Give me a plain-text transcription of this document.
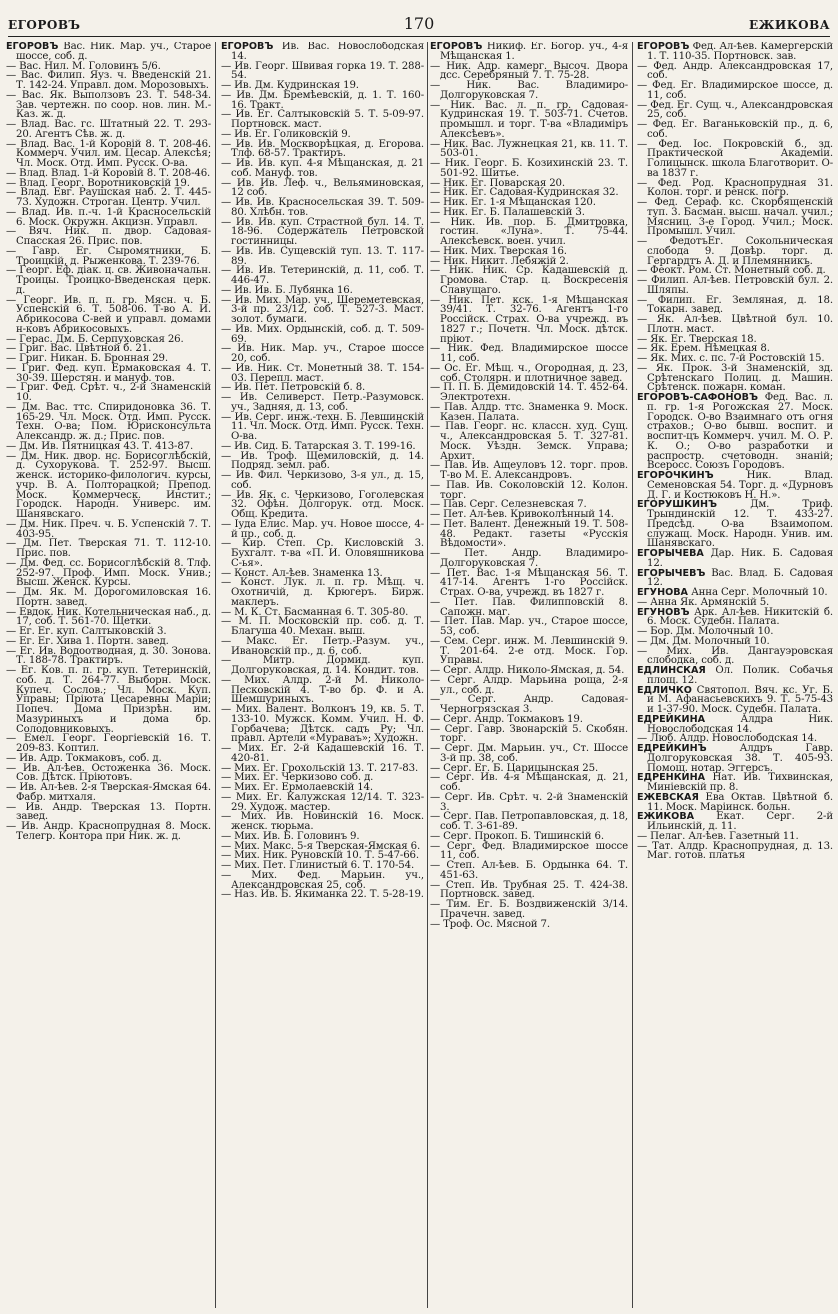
ЕГОРОВЪ	170	ЕЖИКОВА

ЕГОРОВЪ Вас. Ник. Мар. уч., Старое шоссе, соб. д.

— Вас. Нил. М. Головинъ 5/6.

— Вас. Филип. Яуз. ч. Введенскій 21. Т. 142-24. Управл. дом. Морозовыхъ.

— Вас. Як. Выползовъ 23. Т. 548-34. Зав. чертежн. по соор. нов. лин. М.-Каз. ж. д.

— Влад. Вас. гс. Штатный 22. Т. 293-20. Агентъ Сѣв. ж. д.

— Влад. Вас. 1-й Коровій 8. Т. 208-46. Коммерч. Учил. им. Цесар. Алексѣя; Чл. Моск. Отд. Имп. Русск. О-ва.

— Влад. Влад. 1-й Коровій 8. Т. 208-46.

— Влад. Георг. Воротниковскій 19.

— Влад. Евг. Раушская наб. 2. Т. 445-73. Художн. Строган. Центр. Учил.

— Влад. Ив. п.-ч. 1-й Красносельскій 6. Моск. Окружн. Акцизн. Управл.

— Вяч. Ник. п. двор. Садовая-Спасская 26. Прис. пов.

— Гавр. Ег. Сыромятники, Б. Троицкій, д. Рыженкова. Т. 239-76.

— Георг. Еф. діак. ц. св. Живоначальн. Троицы. Троицко-Введенская церк. д.

— Георг. Ив. п. п. гр. Мясн. ч. Б. Успенскій 6. Т. 508-06. Т-во А. И. Абрикосова С-вей и управл. домами н-ковъ Абрикосовыхъ.

— Герас. Дм. Б. Серпуховская 26.

— Григ. Вас. Цвѣтной б. 21.

— Григ. Никан. Б. Бронная 29.

— Григ. Фед. куп. Ермаковская 4. Т. 30-39. Шерстян. и мануф. тов.

— Григ. Фед. Срѣт. ч., 2-й Знаменскій 10.

— Дм. Вас. ттс. Спиридоновка 36. Т. 165-29. Чл. Моск. Отд. Имп. Русск. Техн. О-ва; Пом. Юрисконсульта Александр. ж. д.; Прис. пов.

— Дм. Ив. Пятницкая 43. Т. 413-87.

— Дм. Ник. двор. нс. Борисоглѣбскій, д. Сухорукова. Т. 252-97. Высш. женск. историко-филологич. курсы, учр. В. А. Полторацкой; Препод. Моск. Коммерческ. Инстит.; Городск. Народн. Универс. им. Шанявскаго.

— Дм. Ник. Преч. ч. Б. Успенскій 7. Т. 403-95.

— Дм. Пет. Тверская 71. Т. 112-10. Прис. пов.

— Дм. Фед. сс. Борисоглѣбскій 8. Тлф. 252-97. Проф. Имп. Моск. Унив.; Высш. Женск. Курсы.

— Дм. Як. М. Дорогомиловская 16. Портн. завед.

— Евдок. Ник. Котельническая наб., д. 17, соб. Т. 561-70. Щетки.

— Ег. Ег. куп. Салтыковскій 3.

— Ег. Ег. Хива 1. Портн. завед.

— Ег. Ив. Водоотводная, д. 30. Зонова. Т. 188-78. Трактиръ.

— Ег. Ков. п. п. гр. куп. Тетеринскій, соб. д. Т. 264-77. Выборн. Моск. Купеч. Сослов.; Чл. Моск. Куп. Управы; Пріюта Цесаревны Маріи; Попеч. Дома Призрѣн. им. Мазуриныхъ и дома бр. Солодовниковыхъ.

— Емел. Георг. Георгіевскій 16. Т. 209-83. Коптил.

— Ив. Адр. Токмаковъ, соб. д.

— Ив. Ал-ѣев. Остоженка 36. Моск. Сов. Дѣтск. Пріютовъ.

— Ив. Ал-ѣев. 2-я Тверская-Ямская 64. Фабр. митхаля.

— Ив. Андр. Тверская 13. Портн. завед.

— Ив. Андр. Краснопрудная 8. Моск. Телегр. Контора при Ник. ж. д.

ЕГОРОВЪ Ив. Вас. Новослободская 14.

— Ив. Георг. Швивая горка 19. Т. 288-54.

— Ив. Дм. Кудринская 19.

— Ив. Дм. Бремѣевскій, д. 1. Т. 160-16. Тракт.

— Ив. Ег. Салтыковскій 5. Т. 5-09-97. Портновск. маст.

— Ив. Ег. Голиковскій 9.

— Ив. Ив. Москворѣцкая, д. Егорова. Тлф. 68-57. Трактиръ.

— Ив. Ив. куп. 4-я Мѣщанская, д. 21 соб. Мануф. тов.

— Ив. Ив. Леф. ч., Вельяминовская, 12 соб.

— Ив. Ив. Красносельская 39. Т. 509-80. Хлѣбн. тов.

— Ив. Ив. куп. Страстной бул. 14. Т. 18-96. Содержатель Петровской гостинницы.

— Ив. Ив. Сущевскій туп. 13. Т. 117-89.

— Ив. Ив. Тетеринскій, д. 11, соб. Т. 446-47.

— Ив. Ив. Б. Лубянка 16.

— Ив. Мих. Мар. уч., Шереметевская, 3-й пр. 23/12, соб. Т. 527-3. Маст. золот. бумаги.

— Ив. Мих. Ордынскій, соб. д. Т. 509-69.

— Ив. Ник. Мар. уч., Старое шоссе 20, соб.

— Ив. Ник. Ст. Монетный 38. Т. 154-03. Перепл. маст.

— Ив. Пет. Петровскій б. 8.

— Ив. Селиверст. Петр.-Разумовск. уч., Задняя, д. 13, соб.

— Ив. Серг. инж.-техн. Б. Левшинскій 11. Чл. Моск. Отд. Имп. Русск. Техн. О-ва.

— Ив. Сид. Б. Татарская 3. Т. 199-16.

— Ив. Троф. Щемиловскій, д. 14. Подряд. земл. раб.

— Ив. Фил. Черкизово, 3-я ул., д. 15, соб.

— Ив. Як. с. Черкизово, Гоголевская 32. Офѣн. Долгорук. отд. Моск. Общ. Кредита.

— Іуда Елис. Мар. уч. Новое шоссе, 4-й пр., соб. д.

— Кир. Степ. Ср. Кисловскій 3. Бухгалт. т-ва «П. И. Оловяшникова С-ья».

— Конст. Ал-ѣев. Знаменка 13.

— Конст. Лук. л. п. гр. Мѣщ. ч. Охотничій, д. Крюгеръ. Бирж. маклеръ.

— М. К. Ст. Басманная 6. Т. 305-80.

— М. П. Московскій пр. соб. д. Т. Благуша 40. Механ. выш.

— Макс. Ег. Петр.-Разум. уч., Ивановскій пр., д. 6, соб.

— Митр. Дормид. куп. Долгоруковская, д. 14. Кондит. тов.

— Мих. Алдр. 2-й М. Николо-Песковскій 4. Т-во бр. Ф. и А. Шемшуриныхъ.

— Мих. Валент. Волконъ 19, кв. 5. Т. 133-10. Мужск. Комм. Учил. Н. Ф. Горбачева; Дѣтск. садъ Ру; Чл. правл. Артели «Мураваъ»; Художн.

— Мих. Ег. 2-й Кадашевскій 16. Т. 420-81.

— Мих. Ег. Грохольскій 13. Т. 217-83.

— Мих. Ег. Черкизово соб. д.

— Мих. Ег. Ермолаевскій 14.

— Мих. Ег. Калужская 12/14. Т. 323-29. Худож. мастер.

— Мих. Ив. Новинскій 16. Моск. женск. тюрьма.

— Мих. Ив. Б. Головинъ 9.

— Мих. Макс. 5-я Тверская-Ямская 6.

— Мих. Ник. Руновскій 10. Т. 5-47-66.

— Мих. Пет. Глинистый 6. Т. 170-54.

— Мих. Фед. Марьин. уч., Александровская 25, соб.

— Наз. Ив. Б. Якиманка 22. Т. 5-28-19.

ЕГОРОВЪ Никиф. Ег. Богор. уч., 4-я Мѣщанская 1.

— Ник. Адр. камерг. Высоч. Двора дсс. Серебряный 7. Т. 75-28.

— Ник. Вас. Владимиро-Долгоруковская 7.

— Ник. Вас. л. п. гр. Садовая-Кудринская 19. Т. 503-71. Счетов. промышл. и торг. Т-ва «Владиміръ Алексѣевъ».

— Ник. Вас. Лужнецкая 21, кв. 11. Т. 503-01.

— Ник. Георг. Б. Козихинскій 23. Т. 501-92. Шитье.

— Ник. Ег. Поварская 20.

— Ник. Ег. Садовая-Кудринская 32.

— Ник. Ег. 1-я Мѣщанская 120.

— Ник. Ег. Б. Палашевскій 3.

— Ник. Ив. пор. Б. Дмитровка, гостин. «Луна». Т. 75-44. Алексѣевск. воен. учил.

— Ник. Мих. Тверская 16.

— Ник. Никит. Лебяжій 2.

— Ник. Ник. Ср. Кадашевскій д. Громова. Стар. ц. Воскресенія Славущаго.

— Ник. Пет. кск. 1-я Мѣщанская 39/41. Т. 32-76. Агентъ 1-го Россійск. Страх. О-ва учрежд. въ 1827 г.; Почетн. Чл. Моск. дѣтск. пріют.

— Ник. Фед. Владимирское шоссе 11, соб.

— Ос. Ег. Мѣщ. ч., Огородная, д. 23, соб. Столярн. и плотничное завед.

— П. П. Б. Демидовскій 14. Т. 452-64. Электротехн.

— Пав. Алдр. ттс. Знаменка 9. Моск. Казен. Палата.

— Пав. Георг. нс. классн. худ. Сущ. ч., Александровская 5. Т. 327-81. Моск. Уѣздн. Земск. Управа; Архит.

— Пав. Ив. Ащеуловъ 12. торг. пров. Т-во М. Е. Александровъ.

— Пав. Ив. Соколовскій 12. Колон. торг.

— Пав. Серг. Селезневская 7.

— Пет. Ал-ѣев. Кривоколѣнный 14.

— Пет. Валент. Денежный 19. Т. 508-48. Редакт. газеты «Русскія Вѣдомости».

— Пет. Андр. Владимиро-Долгоруковская 7.

— Пет. Вас. 1-я Мѣщанская 56. Т. 417-14. Агентъ 1-го Россійск. Страх. О-ва, учрежд. въ 1827 г.

— Пет. Пав. Филипповскій 8. Сапожн. маг.

— Пет. Пав. Мар. уч., Старое шоссе, 53, соб.

— Сем. Серг. инж. М. Левшинскій 9. Т. 201-64. 2-е отд. Моск. Гор. Управы.

— Серг. Алдр. Николо-Ямская, д. 54.

— Серг. Алдр. Марьина роща, 2-я ул., соб. д.

— Серг. Андр. Садовая-Черногрязская 3.

— Серг. Андр. Токмаковъ 19.

— Серг. Гавр. Звонарскій 5. Скобян. торг.

— Серг. Дм. Марьин. уч., Ст. Шоссе 3-й пр. 38, соб.

— Серг. Ег. Б. Царицынская 25.

— Серг. Ив. 4-я Мѣщанская, д. 21, соб.

— Серг. Ив. Срѣт. ч. 2-й Знаменскій 3.

— Серг. Пав. Петропавловская, д. 18, соб. Т. 3-61-89.

— Серг. Прокоп. Б. Тишинскій 6.

— Серг. Фед. Владимирское шоссе 11, соб.

— Степ. Ал-ѣев. Б. Ордынка 64. Т. 451-63.

— Степ. Ив. Трубная 25. Т. 424-38. Портновск. завед.

— Тим. Ег. Б. Воздвиженскій 3/14. Прачечн. завед.

— Троф. Ос. Мясной 7.

ЕГОРОВЪ Фед. Ал-ѣев. Камергерскій 1. Т. 110-35. Портновск. зав.

— Фед. Андр. Александровская 17, соб.

— Фед. Ег. Владимирское шоссе, д. 11, соб.

— Фед. Ег. Сущ. ч., Александровская 25, соб.

— Фед. Ег. Ваганьковскій пр., д. 6, соб.

— Фед. Іос. Покровскій б., зд. Практической Академіи. Голицынск. школа Благотворит. О-ва 1837 г.

— Фед. Род. Краснопрудная 31. Колон. торг. и ренск. погр.

— Фед. Сераф. кс. Скорбященскій туп. 3. Басман. высш. начал. учил.; Мясниц. 3-е Город. Учил.; Моск. Промышл. Учил.

— ФедотъЕг. Сокольническая слобода 9. Довѣр. торг. д. Гергардтъ А. Д. и Племянникъ.

— Феокт. Ром. Ст. Монетный соб. д.

— Филип. Ал-ѣев. Петровскій бул. 2. Шляпы.

— Филип. Ег. Земляная, д. 18. Токарн. завед.

— Як. Ал-ѣев. Цвѣтной бул. 10. Плотн. маст.

— Як. Ег. Тверская 18.

— Як. Ерем. Нѣмецкая 8.

— Як. Мих. с. пс. 7-й Ростовскій 15.

— Як. Прок. 3-й Знаменскій, зд. Срѣтенскаго Полиц. д. Машин. Срѣтенск. пожарн. коман.

ЕГОРОВЪ-САФОНОВЪ Фед. Вас. л. п. гр. 1-я Рогожская 27. Моск. Городск. О-во Взаимнаго отъ огня страхов.; О-во бывш. воспит. и воспит-цъ Коммерч. учил. М. О. Р. К. О.; О-во разработки и распростр. счетоводн. знаній; Всеросс. Союзъ Городовъ.

ЕГОРОЧКИНЪ	Ник. Влад. Семеновская 54. Торг. д. «Дурновъ Д. Г. и Костюковъ Н. Н.».

ЕГОРУШКИНЪ	Дм. Триф. Трындинскій 12. Т. 433-27. Предсѣд. О-ва Взаимопом. служащ. Моск. Народн. Унив. им. Шанявскаго.

ЕГОРЫЧЕВА Дар. Ник. Б. Садовая 12.

ЕГОРЫЧЕВЪ Вас. Влад. Б. Садовая 12.

ЕГУНОВА Анна Серг. Молочный 10.

— Анна Як. Армянскій 5.

ЕГУНОВЪ Арк. Ал-ѣев. Никитскій б. 6. Моск. Судебн. Палата.

— Бор. Дм. Молочный 10.

— Дм. Дм. Молочный 10.

— Мих. Ив. Дангауэровская слободка, соб. д.

ЕДЛИНСКАЯ Ол. Полик. Собачья площ. 12.

ЕДЛИЧКО Святопол. Вяч. кс. Уг. Б. и М. Афанасьевскихъ 9. Т. 5-75-43 и 1-37-90. Моск. Судебн. Палата.

ЕДРЕЙКИНА	Алдра Ник. Новослободская 14.

— Люб. Алдр. Новослободская 14.

ЕДРЕЙКИНЪ	Алдръ Гавр. Долгоруковская 38. Т. 405-93. Помощ. нотар. Эггерсъ.

ЕДРЕНКИНА Нат. Ив. Тихвинская, Миніевскій пр. 8.

ЕЖЕВСКАЯ Ева Октав. Цвѣтной б. 11. Моск. Маріинск. больн.

ЕЖИКОВА Екат. Серг. 2-й Ильинскій, д. 11.

— Пелаг. Ал-ѣев. Газетный 11.

— Тат. Алдр. Краснопрудная, д. 13. Маг. готов. платья
